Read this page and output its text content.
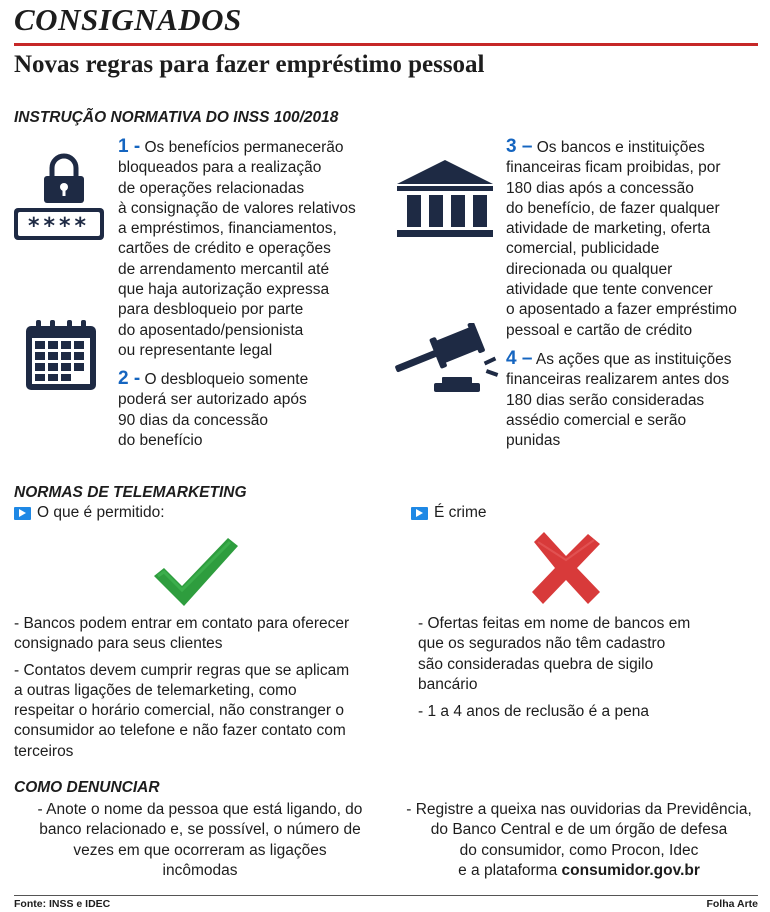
CONSIGNADOS
Novas regras para fazer empréstimo pessoal
INSTRUÇÃO NORMATIVA DO INSS 100/2018
****
1 - Os benefícios permanecerão
bloqueados para a realização
de operações relacionadas
à consignação de valores relativos
a empréstimos, financiamentos,
cartões de crédito e operações
de arrendamento mercantil até
que haja autorização expressa
para desbloqueio por parte
do aposentado/pensionista
ou representante legal
2 - O desbloqueio somente
poderá ser autorizado após
90 dias da concessão
do benefício
3 – Os bancos e instituições
financeiras ficam proibidas, por
180 dias após a concessão
do benefício, de fazer qualquer
atividade de marketing, oferta
comercial, publicidade
direcionada ou qualquer
atividade que tente convencer
o aposentado a fazer empréstimo
pessoal e cartão de crédito
4 – As ações que as instituições
financeiras realizarem antes dos
180 dias serão consideradas
assédio comercial e serão
punidas
NORMAS DE TELEMARKETING
O que é permitido:	É crime
- Bancos podem entrar em contato para oferecer
consignado para seus clientes
- Contatos devem cumprir regras que se aplicam
a outras ligações de telemarketing, como
respeitar o horário comercial, não constranger o
consumidor ao telefone e não fazer contato com
terceiros
- Ofertas feitas em nome de bancos em
que os segurados não têm cadastro
são consideradas quebra de sigilo
bancário
- 1 a 4 anos de reclusão é a pena
COMO DENUNCIAR
- Anote o nome da pessoa que está ligando, do
banco relacionado e, se possível, o número de
vezes em que ocorreram as ligações
incômodas
- Registre a queixa nas ouvidorias da Previdência,
do Banco Central e de um órgão de defesa
do consumidor, como Procon, Idec
e a plataforma consumidor.gov.br
Fonte: INSS e IDEC	Folha Arte
